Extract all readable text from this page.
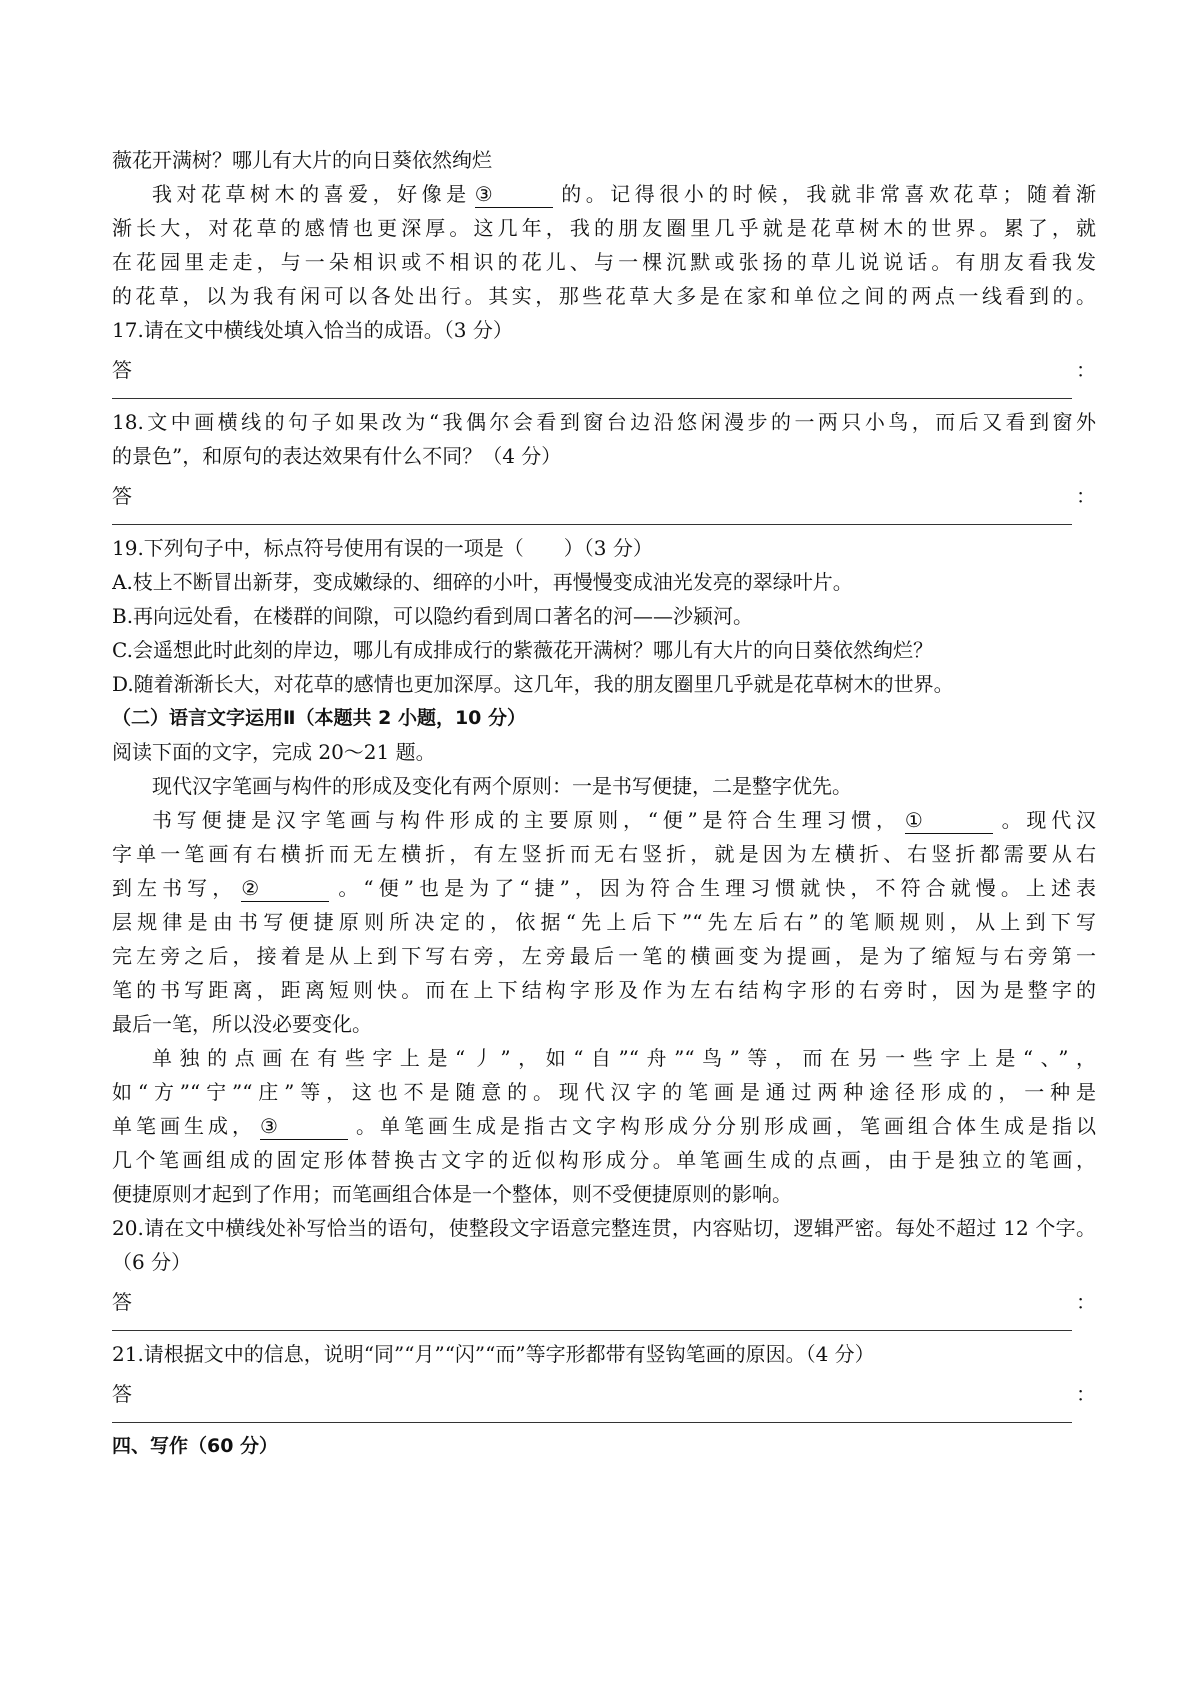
薇花开满树？哪儿有大片的向日葵依然绚烂
我对花草树木的喜爱，好像是 ③	的。记得很小的时候，我就非常喜欢花草；随着渐
渐长大，对花草的感情也更深厚。这几年，我的朋友圈里几乎就是花草树木的世界。累了，就
在花园里走走，与一朵相识或不相识的花儿、与一棵沉默或张扬的草儿说说话。有朋友看我发
的花草，以为我有闲可以各处出行。其实，那些花草大多是在家和单位之间的两点一线看到的。
17.请在文中横线处填入恰当的成语。（3 分）
答	：
18.文中画横线的句子如果改为“我偶尔会看到窗台边沿悠闲漫步的一两只小鸟，而后又看到窗外
的景色”，和原句的表达效果有什么不同？（4 分）
答	：
19.下列句子中，标点符号使用有误的一项是（　　）（3 分）
A.枝上不断冒出新芽，变成嫩绿的、细碎的小叶，再慢慢变成油光发亮的翠绿叶片。
B.再向远处看，在楼群的间隙，可以隐约看到周口著名的河——沙颍河。
C.会遥想此时此刻的岸边，哪儿有成排成行的紫薇花开满树？哪儿有大片的向日葵依然绚烂？
D.随着渐渐长大，对花草的感情也更加深厚。这几年，我的朋友圈里几乎就是花草树木的世界。
（二）语言文字运用Ⅱ（本题共 2 小题，10 分）
阅读下面的文字，完成 20～21 题。
现代汉字笔画与构件的形成及变化有两个原则：一是书写便捷，二是整字优先。
书写便捷是汉字笔画与构件形成的主要原则，“便”是符合生理习惯， ①	。现代汉
字单一笔画有右横折而无左横折，有左竖折而无右竖折，就是因为左横折、右竖折都需要从右
到左书写， ②	。“便”也是为了“捷”，因为符合生理习惯就快，不符合就慢。上述表
层规律是由书写便捷原则所决定的，依据“先上后下”“先左后右”的笔顺规则，从上到下写
完左旁之后，接着是从上到下写右旁，左旁最后一笔的横画变为提画，是为了缩短与右旁第一
笔的书写距离，距离短则快。而在上下结构字形及作为左右结构字形的右旁时，因为是整字的
最后一笔，所以没必要变化。
单独的点画在有些字上是“丿”，如“自”“舟”“鸟”等，而在另一些字上是“、”，
如“方”“宁”“庄”等，这也不是随意的。现代汉字的笔画是通过两种途径形成的，一种是
单笔画生成， ③	。单笔画生成是指古文字构形成分分别形成画，笔画组合体生成是指以
几个笔画组成的固定形体替换古文字的近似构形成分。单笔画生成的点画，由于是独立的笔画，
便捷原则才起到了作用；而笔画组合体是一个整体，则不受便捷原则的影响。
20.请在文中横线处补写恰当的语句，使整段文字语意完整连贯，内容贴切，逻辑严密。每处不超过 12 个字。
（6 分）
答	：
21.请根据文中的信息，说明“同”“月”“闪”“而”等字形都带有竖钩笔画的原因。（4 分）
答	：
四、写作（60 分）
